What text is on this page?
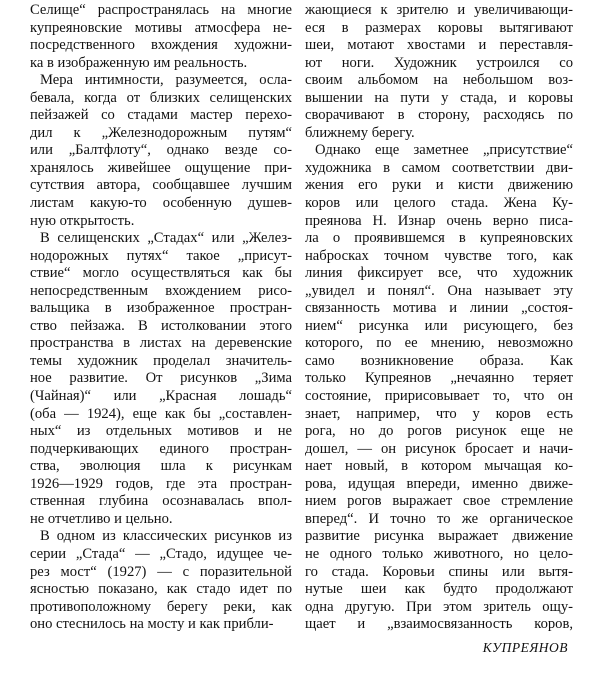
Селище“ распространялась на многие
купреяновские мотивы атмосфера не-
посредственного вхождения художни-
ка в изображенную им реальность.
Мера интимности, разумеется, осла-
бевала, когда от близких селищенских
пейзажей со стадами мастер перехо-
дил к „Железнодорожным путям“
или „Балтфлоту“, однако везде со-
хранялось живейшее ощущение при-
сутствия автора, сообщавшее лучшим
листам какую-то особенную душев-
ную открытость.
В селищенских „Стадах“ или „Желез-
нодорожных путях“ такое „присут-
ствие“ могло осуществляться как бы
непосредственным вхождением рисо-
вальщика в изображенное простран-
ство пейзажа. В истолковании этого
пространства в листах на деревенские
темы художник проделал значитель-
ное развитие. От рисунков „Зима
(Чайная)“ или „Красная лошадь“
(оба — 1924), еще как бы „составлен-
ных“ из отдельных мотивов и не
подчеркивающих единого простран-
ства, эволюция шла к рисункам
1926—1929 годов, где эта простран-
ственная глубина осознавалась впол-
не отчетливо и цельно.
В одном из классических рисунков из
серии „Стада“ — „Стадо, идущее че-
рез мост“ (1927) — с поразительной
ясностью показано, как стадо идет по
противоположному берегу реки, как
оно стеснилось на мосту и как прибли-
жающиеся к зрителю и увеличивающи-
еся в размерах коровы вытягивают
шеи, мотают хвостами и переставля-
ют ноги. Художник устроился со
своим альбомом на небольшом воз-
вышении на пути у стада, и коровы
сворачивают в сторону, расходясь по
ближнему берегу.
Однако еще заметнее „присутствие“
художника в самом соответствии дви-
жения его руки и кисти движению
коров или целого стада. Жена Ку-
преянова Н. Изнар очень верно писа-
ла о проявившемся в купреяновских
набросках точном чувстве того, как
линия фиксирует все, что художник
„увидел и понял“. Она называет эту
связанность мотива и линии „состоя-
нием“ рисунка или рисующего, без
которого, по ее мнению, невозможно
само возникновение образа. Как
только Купреянов „нечаянно теряет
состояние, пририсовывает то, что он
знает, например, что у коров есть
рога, но до рогов рисунок еще не
дошел, — он рисунок бросает и начи-
нает новый, в котором мычащая ко-
рова, идущая впереди, именно движе-
нием рогов выражает свое стремление
вперед“. И точно то же органическое
развитие рисунка выражает движение
не одного только животного, но цело-
го стада. Коровьи спины или вытя-
нутые шеи как будто продолжают
одна другую. При этом зритель ощу-
щает и „взаимосвязанность коров,
КУПРЕЯНОВ
